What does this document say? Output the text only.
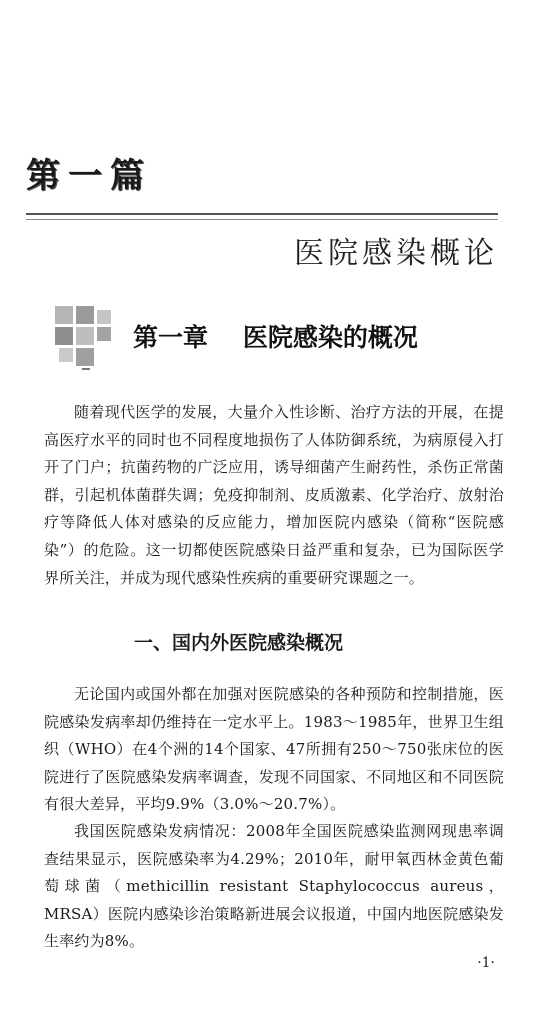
第一篇
医院感染概论
第一章    医院感染的概况
随着现代医学的发展，大量介入性诊断、治疗方法的开展，在提高医疗水平的同时也不同程度地损伤了人体防御系统，为病原侵入打开了门户；抗菌药物的广泛应用，诱导细菌产生耐药性，杀伤正常菌群，引起机体菌群失调；免疫抑制剂、皮质激素、化学治疗、放射治疗等降低人体对感染的反应能力，增加医院内感染（简称“医院感染”）的危险。这一切都使医院感染日益严重和复杂，已为国际医学界所关注，并成为现代感染性疾病的重要研究课题之一。
一、国内外医院感染概况
无论国内或国外都在加强对医院感染的各种预防和控制措施，医院感染发病率却仍维持在一定水平上。1983～1985年，世界卫生组织（WHO）在4个洲的14个国家、47所拥有250～750张床位的医院进行了医院感染发病率调查，发现不同国家、不同地区和不同医院有很大差异，平均9.9%（3.0%～20.7%）。
我国医院感染发病情况：2008年全国医院感染监测网现患率调查结果显示，医院感染率为4.29%；2010年，耐甲氧西林金黄色葡萄球菌（methicillin resistant Staphylococcus aureus，MRSA）医院内感染诊治策略新进展会议报道，中国内地医院感染发生率约为8%。
·1·
